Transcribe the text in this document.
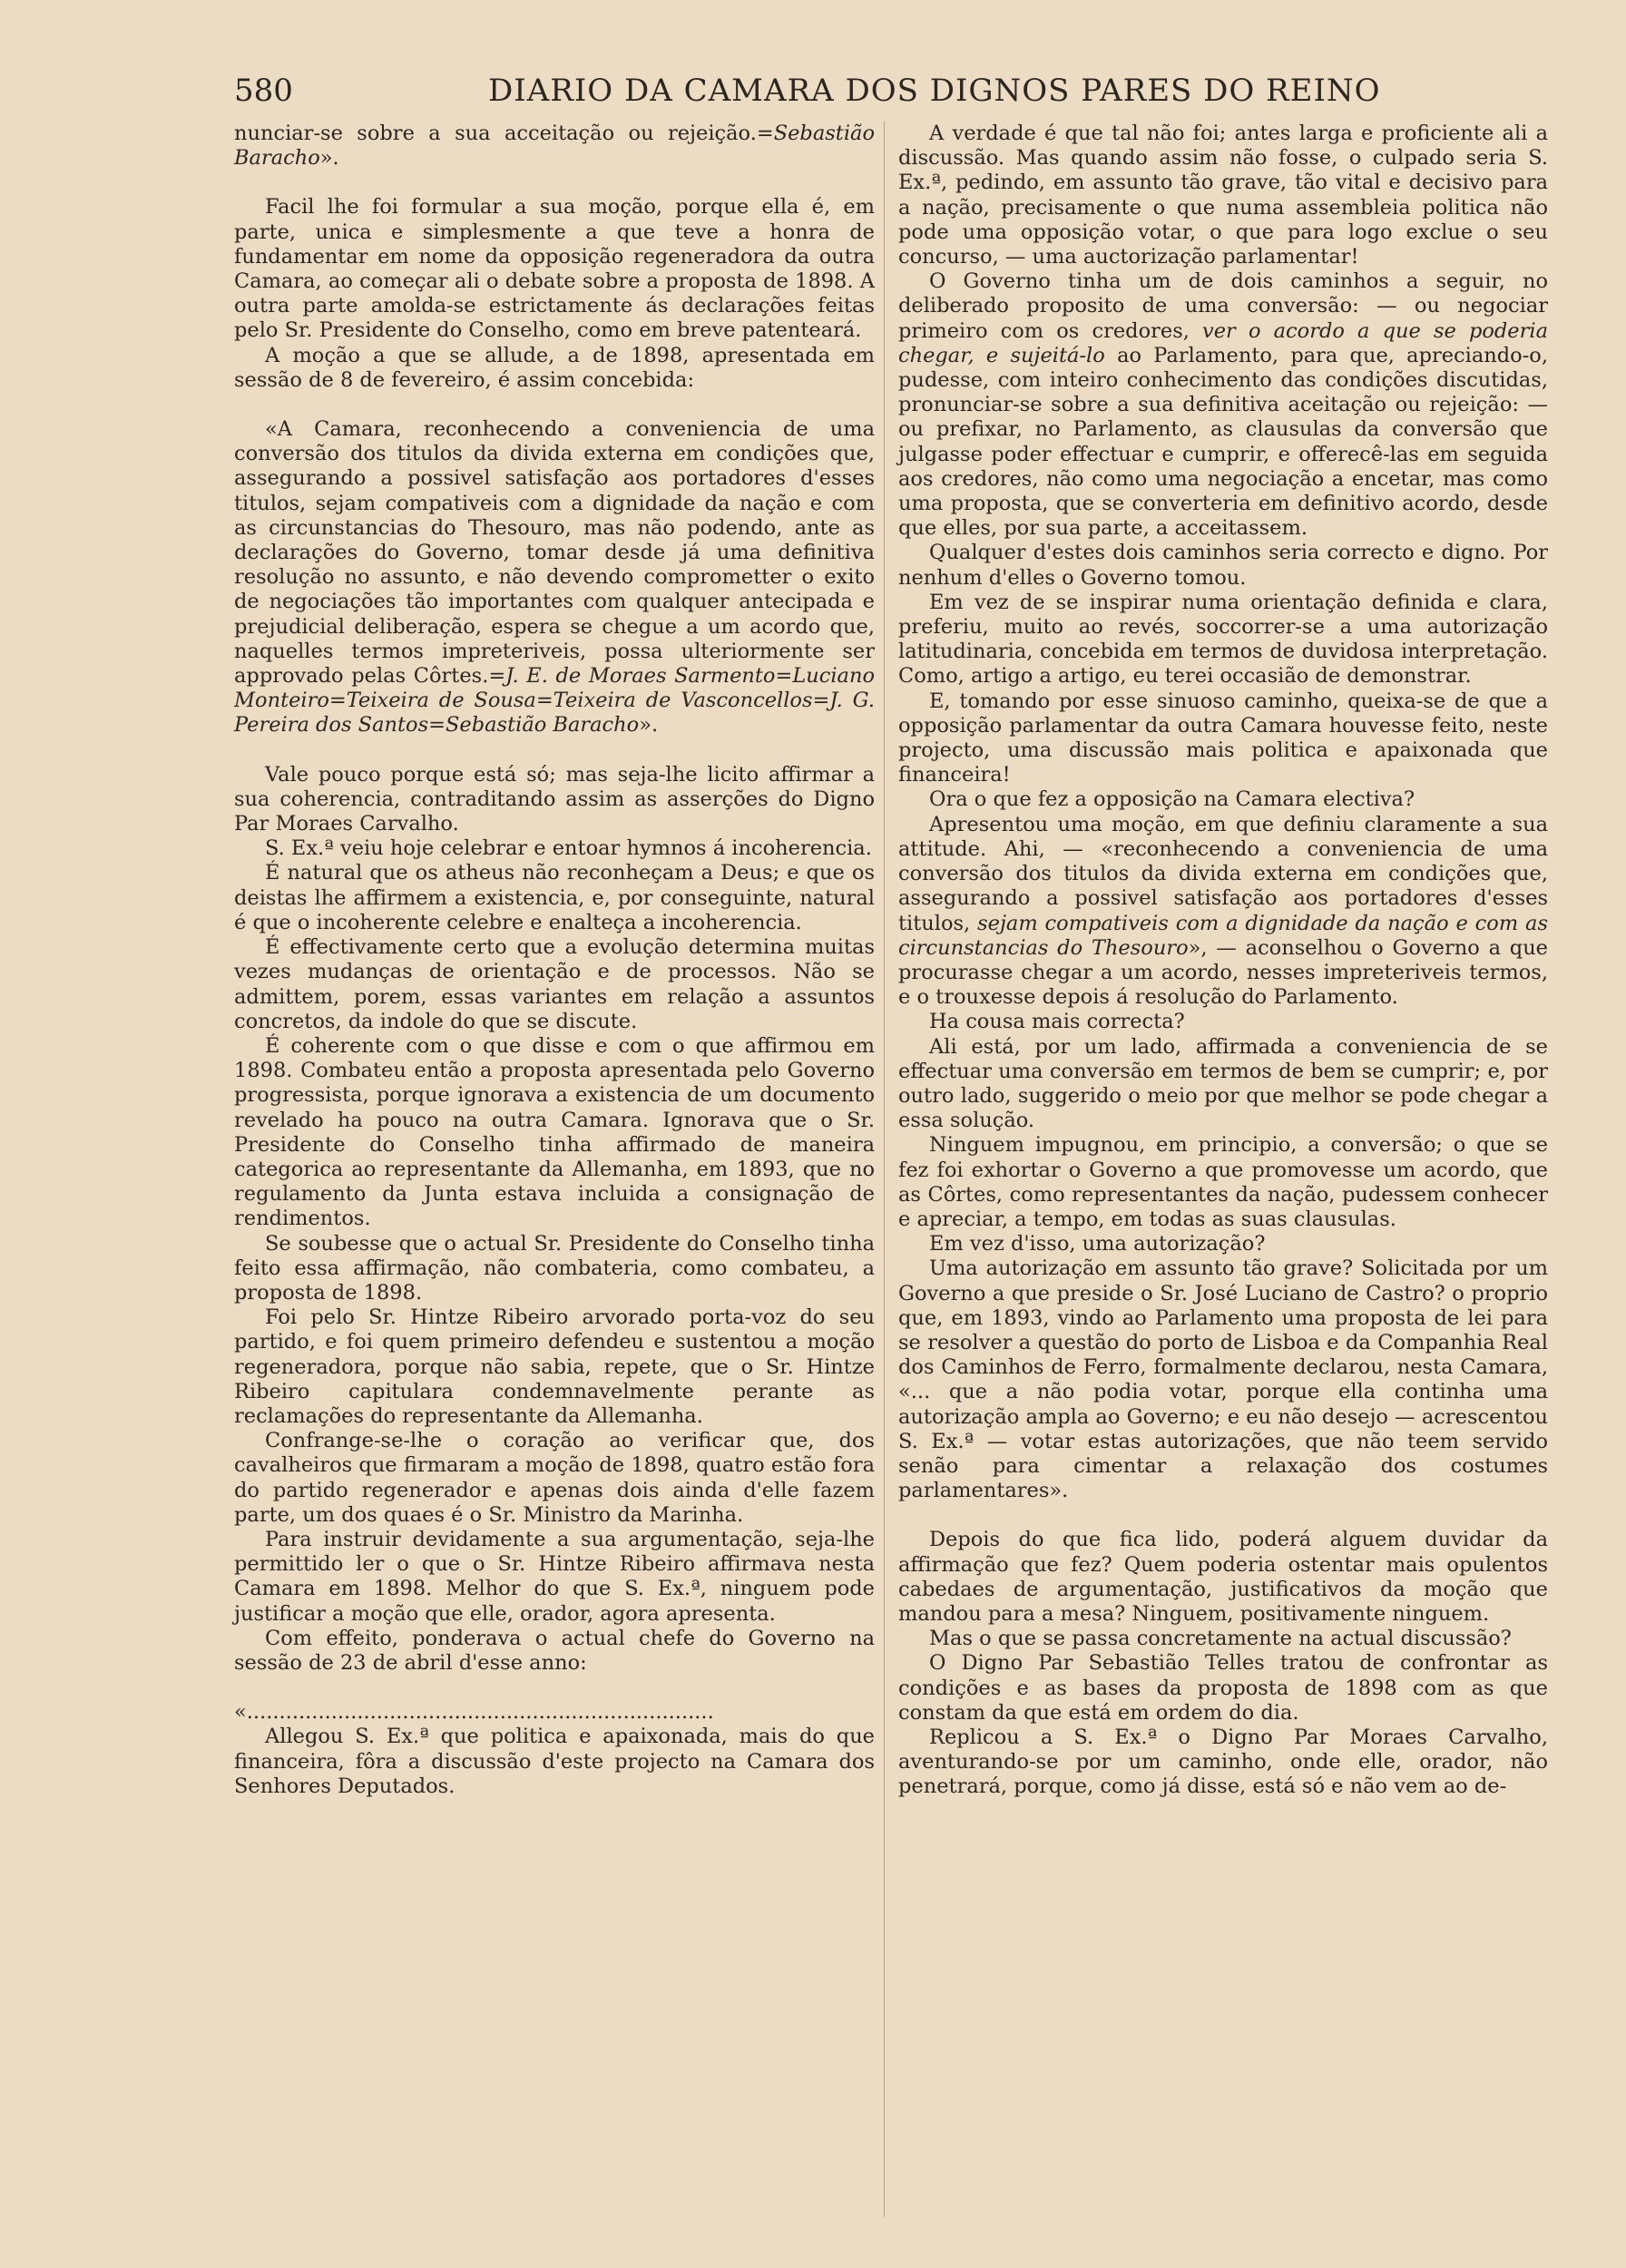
580	DIARIO DA CAMARA DOS DIGNOS PARES DO REINO

nunciar-se sobre a sua acceitação ou rejeição.=Sebastião Baracho».

Facil lhe foi formular a sua moção, porque ella é, em parte, unica e simplesmente a que teve a honra de fundamentar em nome da opposição regeneradora da outra Camara, ao começar ali o debate sobre a proposta de 1898. A outra parte amolda-se estrictamente ás declarações feitas pelo Sr. Presidente do Conselho, como em breve patenteará.

A moção a que se allude, a de 1898, apresentada em sessão de 8 de fevereiro, é assim concebida:

«A Camara, reconhecendo a conveniencia de uma conversão dos titulos da divida externa em condições que, assegurando a possivel satisfação aos portadores d'esses titulos, sejam compativeis com a dignidade da nação e com as circunstancias do Thesouro, mas não podendo, ante as declarações do Governo, tomar desde já uma definitiva resolução no assunto, e não devendo comprometter o exito de negociações tão importantes com qualquer antecipada e prejudicial deliberação, espera se chegue a um acordo que, naquelles termos impreteriveis, possa ulteriormente ser approvado pelas Côrtes.=J. E. de Moraes Sarmento=Luciano Monteiro=Teixeira de Sousa=Teixeira de Vasconcellos=J. G. Pereira dos Santos=Sebastião Baracho».

Vale pouco porque está só; mas seja-lhe licito affirmar a sua coherencia, contraditando assim as asserções do Digno Par Moraes Carvalho.

S. Ex.ª veiu hoje celebrar e entoar hymnos á incoherencia.

É natural que os atheus não reconheçam a Deus; e que os deistas lhe affirmem a existencia, e, por conseguinte, natural é que o incoherente celebre e enalteça a incoherencia.

É effectivamente certo que a evolução determina muitas vezes mudanças de orientação e de processos. Não se admittem, porem, essas variantes em relação a assuntos concretos, da indole do que se discute.

É coherente com o que disse e com o que affirmou em 1898. Combateu então a proposta apresentada pelo Governo progressista, porque ignorava a existencia de um documento revelado ha pouco na outra Camara. Ignorava que o Sr. Presidente do Conselho tinha affirmado de maneira categorica ao representante da Allemanha, em 1893, que no regulamento da Junta estava incluida a consignação de rendimentos.

Se soubesse que o actual Sr. Presidente do Conselho tinha feito essa affirmação, não combateria, como combateu, a proposta de 1898.

Foi pelo Sr. Hintze Ribeiro arvorado porta-voz do seu partido, e foi quem primeiro defendeu e sustentou a moção regeneradora, porque não sabia, repete, que o Sr. Hintze Ribeiro capitulara condemnavelmente perante as reclamações do representante da Allemanha.

Confrange-se-lhe o coração ao verificar que, dos cavalheiros que firmaram a moção de 1898, quatro estão fora do partido regenerador e apenas dois ainda d'elle fazem parte, um dos quaes é o Sr. Ministro da Marinha.

Para instruir devidamente a sua argumentação, seja-lhe permittido ler o que o Sr. Hintze Ribeiro affirmava nesta Camara em 1898. Melhor do que S. Ex.ª, ninguem pode justificar a moção que elle, orador, agora apresenta.

Com effeito, ponderava o actual chefe do Governo na sessão de 23 de abril d'esse anno:

«........................................................................

Allegou S. Ex.ª que politica e apaixonada, mais do que financeira, fôra a discussão d'este projecto na Camara dos Senhores Deputados.

A verdade é que tal não foi; antes larga e proficiente ali a discussão. Mas quando assim não fosse, o culpado seria S. Ex.ª, pedindo, em assunto tão grave, tão vital e decisivo para a nação, precisamente o que numa assembleia politica não pode uma opposição votar, o que para logo exclue o seu concurso, — uma auctorização parlamentar!

O Governo tinha um de dois caminhos a seguir, no deliberado proposito de uma conversão: — ou negociar primeiro com os credores, ver o acordo a que se poderia chegar, e sujeitá-lo ao Parlamento, para que, apreciando-o, pudesse, com inteiro conhecimento das condições discutidas, pronunciar-se sobre a sua definitiva aceitação ou rejeição: — ou prefixar, no Parlamento, as clausulas da conversão que julgasse poder effectuar e cumprir, e offerecê-las em seguida aos credores, não como uma negociação a encetar, mas como uma proposta, que se converteria em definitivo acordo, desde que elles, por sua parte, a acceitassem.

Qualquer d'estes dois caminhos seria correcto e digno. Por nenhum d'elles o Governo tomou.

Em vez de se inspirar numa orientação definida e clara, preferiu, muito ao revés, soccorrer-se a uma autorização latitudinaria, concebida em termos de duvidosa interpretação. Como, artigo a artigo, eu terei occasião de demonstrar.

E, tomando por esse sinuoso caminho, queixa-se de que a opposição parlamentar da outra Camara houvesse feito, neste projecto, uma discussão mais politica e apaixonada que financeira!

Ora o que fez a opposição na Camara electiva?

Apresentou uma moção, em que definiu claramente a sua attitude. Ahi, — «reconhecendo a conveniencia de uma conversão dos titulos da divida externa em condições que, assegurando a possivel satisfação aos portadores d'esses titulos, sejam compativeis com a dignidade da nação e com as circunstancias do Thesouro», — aconselhou o Governo a que procurasse chegar a um acordo, nesses impreteriveis termos, e o trouxesse depois á resolução do Parlamento.

Ha cousa mais correcta?

Ali está, por um lado, affirmada a conveniencia de se effectuar uma conversão em termos de bem se cumprir; e, por outro lado, suggerido o meio por que melhor se pode chegar a essa solução.

Ninguem impugnou, em principio, a conversão; o que se fez foi exhortar o Governo a que promovesse um acordo, que as Côrtes, como representantes da nação, pudessem conhecer e apreciar, a tempo, em todas as suas clausulas.

Em vez d'isso, uma autorização?

Uma autorização em assunto tão grave? Solicitada por um Governo a que preside o Sr. José Luciano de Castro? o proprio que, em 1893, vindo ao Parlamento uma proposta de lei para se resolver a questão do porto de Lisboa e da Companhia Real dos Caminhos de Ferro, formalmente declarou, nesta Camara, «... que a não podia votar, porque ella continha uma autorização ampla ao Governo; e eu não desejo — acrescentou S. Ex.ª — votar estas autorizações, que não teem servido senão para cimentar a relaxação dos costumes parlamentares».

Depois do que fica lido, poderá alguem duvidar da affirmação que fez? Quem poderia ostentar mais opulentos cabedaes de argumentação, justificativos da moção que mandou para a mesa? Ninguem, positivamente ninguem.

Mas o que se passa concretamente na actual discussão?

O Digno Par Sebastião Telles tratou de confrontar as condições e as bases da proposta de 1898 com as que constam da que está em ordem do dia.

Replicou a S. Ex.ª o Digno Par Moraes Carvalho, aventurando-se por um caminho, onde elle, orador, não penetrará, porque, como já disse, está só e não vem ao de-
